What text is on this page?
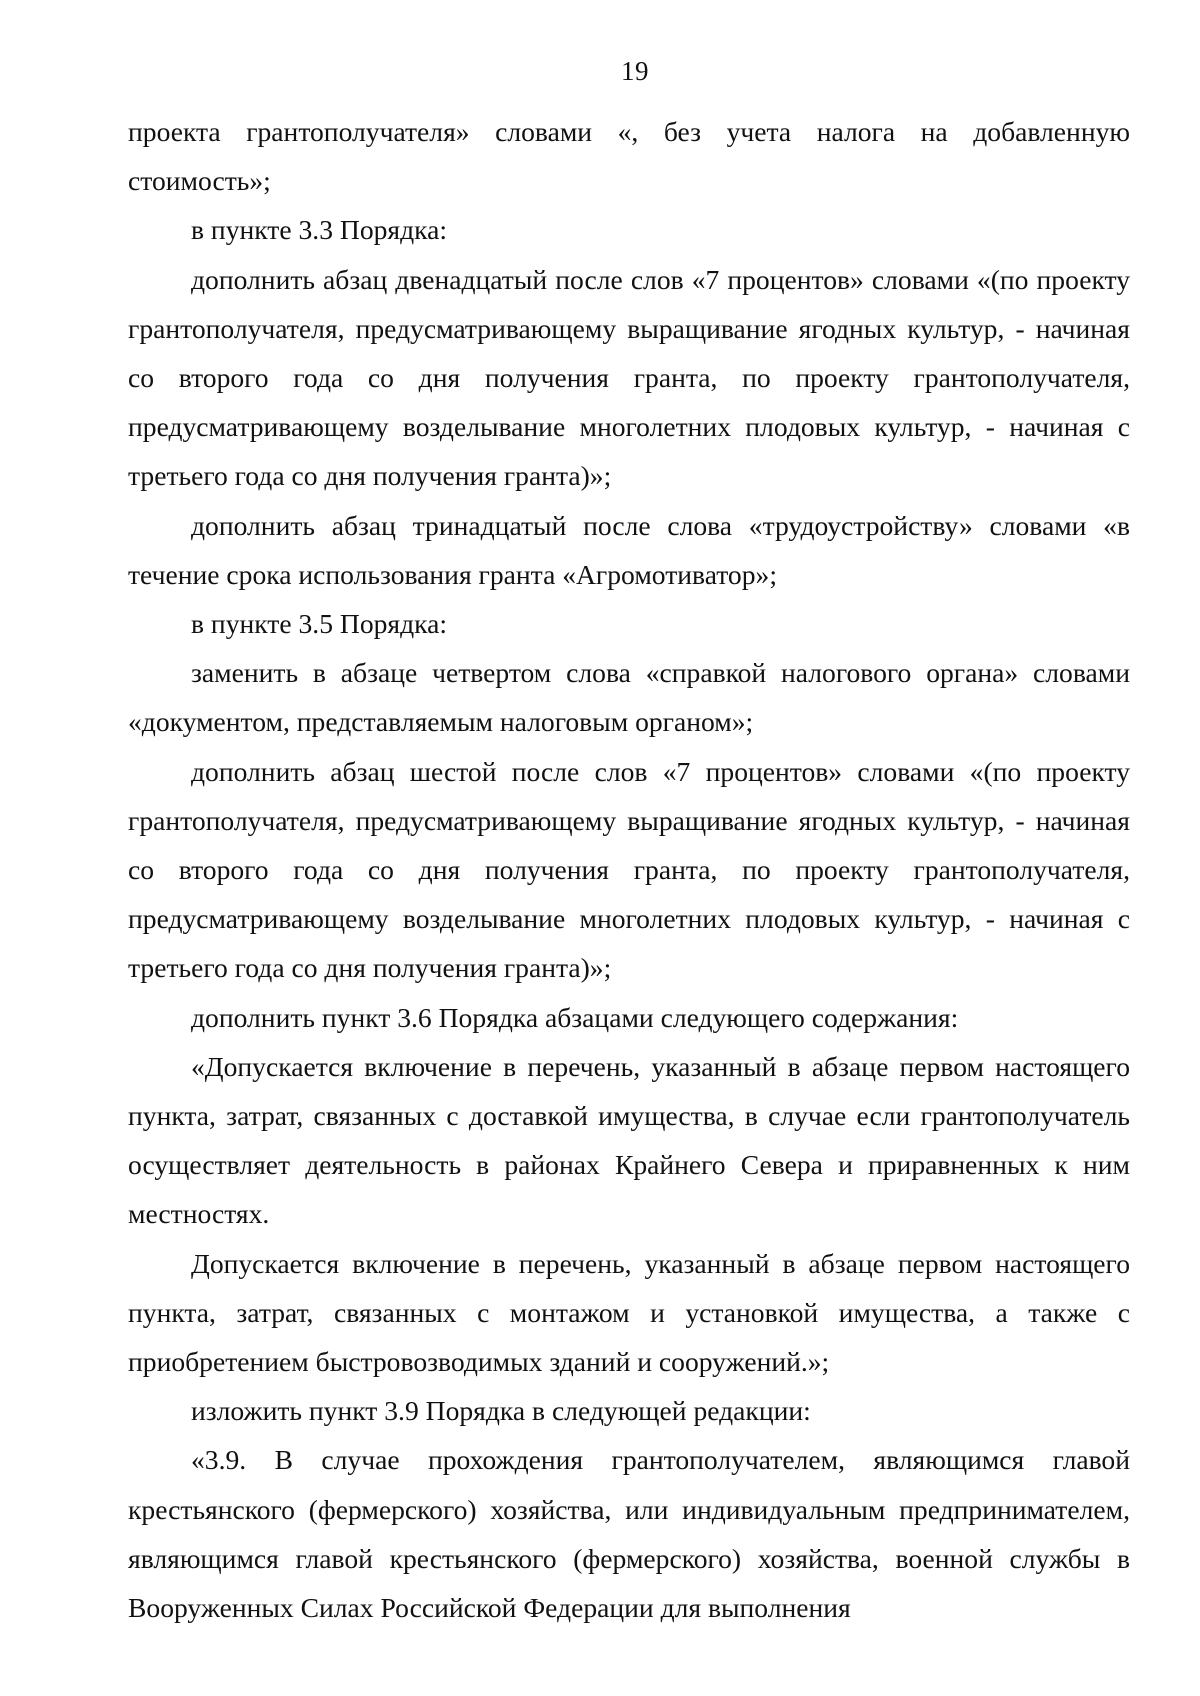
19

проекта грантополучателя» словами «, без учета налога на добавленную стоимость»;

в пункте 3.3 Порядка:

дополнить абзац двенадцатый после слов «7 процентов» словами «(по проекту грантополучателя, предусматривающему выращивание ягодных культур, - начиная со второго года со дня получения гранта, по проекту грантополучателя, предусматривающему возделывание многолетних плодовых культур, - начиная с третьего года со дня получения гранта)»;

дополнить абзац тринадцатый после слова «трудоустройству» словами «в течение срока использования гранта «Агромотиватор»;

в пункте 3.5 Порядка:

заменить в абзаце четвертом слова «справкой налогового органа» словами «документом, представляемым налоговым органом»;

дополнить абзац шестой после слов «7 процентов» словами «(по проекту грантополучателя, предусматривающему выращивание ягодных культур, - начиная со второго года со дня получения гранта, по проекту грантополучателя, предусматривающему возделывание многолетних плодовых культур, - начиная с третьего года со дня получения гранта)»;

дополнить пункт 3.6 Порядка абзацами следующего содержания:

«Допускается включение в перечень, указанный в абзаце первом настоящего пункта, затрат, связанных с доставкой имущества, в случае если грантополучатель осуществляет деятельность в районах Крайнего Севера и приравненных к ним местностях.

Допускается включение в перечень, указанный в абзаце первом настоящего пункта, затрат, связанных с монтажом и установкой имущества, а также с приобретением быстровозводимых зданий и сооружений.»;

изложить пункт 3.9 Порядка в следующей редакции:

«3.9. В случае прохождения грантополучателем, являющимся главой крестьянского (фермерского) хозяйства, или индивидуальным предпринимателем, являющимся главой крестьянского (фермерского) хозяйства, военной службы в Вооруженных Силах Российской Федерации для выполнения
